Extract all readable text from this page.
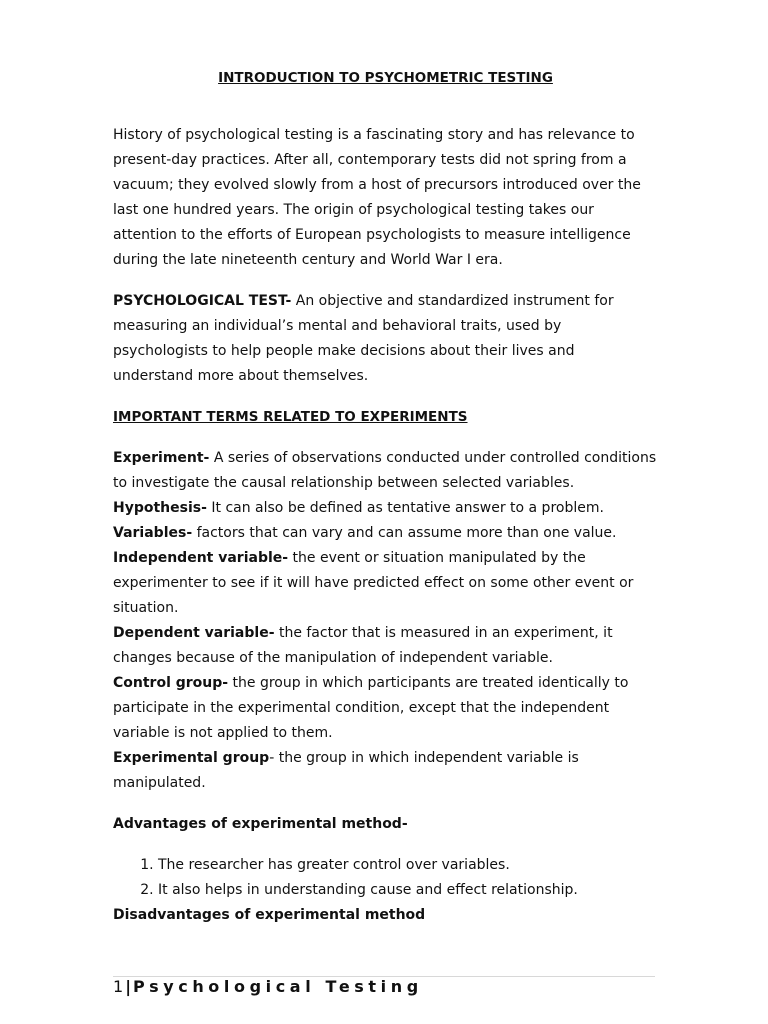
INTRODUCTION TO PSYCHOMETRIC TESTING

History of psychological testing is a fascinating story and has relevance to present-day practices. After all, contemporary tests did not spring from a vacuum; they evolved slowly from a host of precursors introduced over the last one hundred years. The origin of psychological testing takes our attention to the efforts of European psychologists to measure intelligence during the late nineteenth century and World War I era.

PSYCHOLOGICAL TEST- An objective and standardized instrument for measuring an individual’s mental and behavioral traits, used by psychologists to help people make decisions about their lives and understand more about themselves.

IMPORTANT TERMS RELATED TO EXPERIMENTS

Experiment- A series of observations conducted under controlled conditions to investigate the causal relationship between selected variables.

Hypothesis- It can also be defined as tentative answer to a problem.

Variables- factors that can vary and can assume more than one value.

Independent variable- the event or situation manipulated by the experimenter to see if it will have predicted effect on some other event or situation.

Dependent variable- the factor that is measured in an experiment, it changes because of the manipulation of independent variable.

Control group- the group in which participants are treated identically to participate in the experimental condition, except that the independent variable is not applied to them.

Experimental group- the group in which independent variable is manipulated.

Advantages of experimental method-

1. The researcher has greater control over variables.
2. It also helps in understanding cause and effect relationship.

Disadvantages of experimental method

1 | Psychological Testing
